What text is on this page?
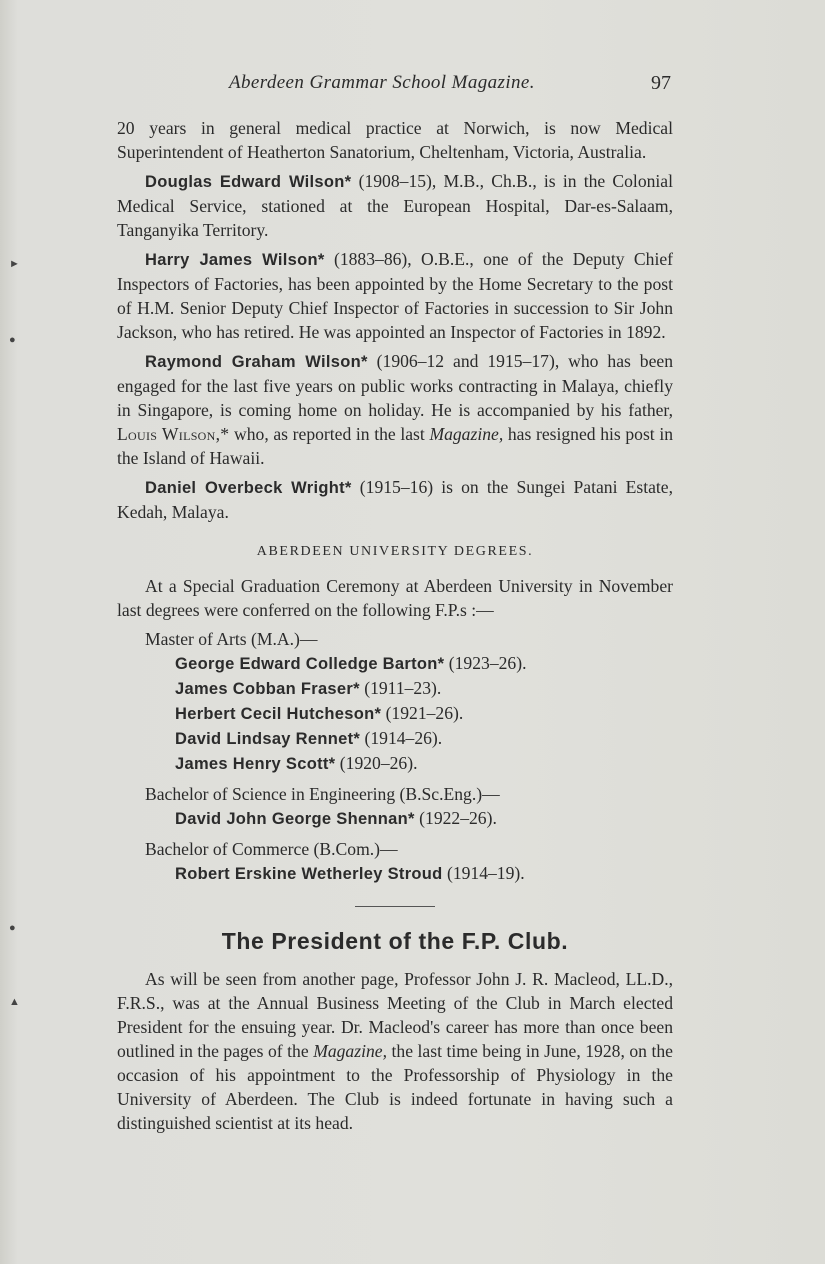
Aberdeen Grammar School Magazine.	97
►
●
●
▲

20 years in general medical practice at Norwich, is now Medical Superintendent of Heatherton Sanatorium, Cheltenham, Victoria, Australia.

Douglas Edward Wilson* (1908–15), M.B., Ch.B., is in the Colonial Medical Service, stationed at the European Hospital, Dar-es-Salaam, Tanganyika Territory.

Harry James Wilson* (1883–86), O.B.E., one of the Deputy Chief Inspectors of Factories, has been appointed by the Home Secretary to the post of H.M. Senior Deputy Chief Inspector of Factories in succession to Sir John Jackson, who has retired. He was appointed an Inspector of Factories in 1892.

Raymond Graham Wilson* (1906–12 and 1915–17), who has been engaged for the last five years on public works contracting in Malaya, chiefly in Singapore, is coming home on holiday. He is accompanied by his father, Louis Wilson,* who, as reported in the last Magazine, has resigned his post in the Island of Hawaii.

Daniel Overbeck Wright* (1915–16) is on the Sungei Patani Estate, Kedah, Malaya.

ABERDEEN UNIVERSITY DEGREES.

At a Special Graduation Ceremony at Aberdeen University in November last degrees were conferred on the following F.P.s :—

Master of Arts (M.A.)—
George Edward Colledge Barton* (1923–26).
James Cobban Fraser* (1911–23).
Herbert Cecil Hutcheson* (1921–26).
David Lindsay Rennet* (1914–26).
James Henry Scott* (1920–26).
Bachelor of Science in Engineering (B.Sc.Eng.)—
David John George Shennan* (1922–26).
Bachelor of Commerce (B.Com.)—
Robert Erskine Wetherley Stroud (1914–19).
The President of the F.P. Club.

As will be seen from another page, Professor John J. R. Macleod, LL.D., F.R.S., was at the Annual Business Meeting of the Club in March elected President for the ensuing year. Dr. Macleod's career has more than once been outlined in the pages of the Magazine, the last time being in June, 1928, on the occasion of his appointment to the Professorship of Physiology in the University of Aberdeen. The Club is indeed fortunate in having such a distinguished scientist at its head.
